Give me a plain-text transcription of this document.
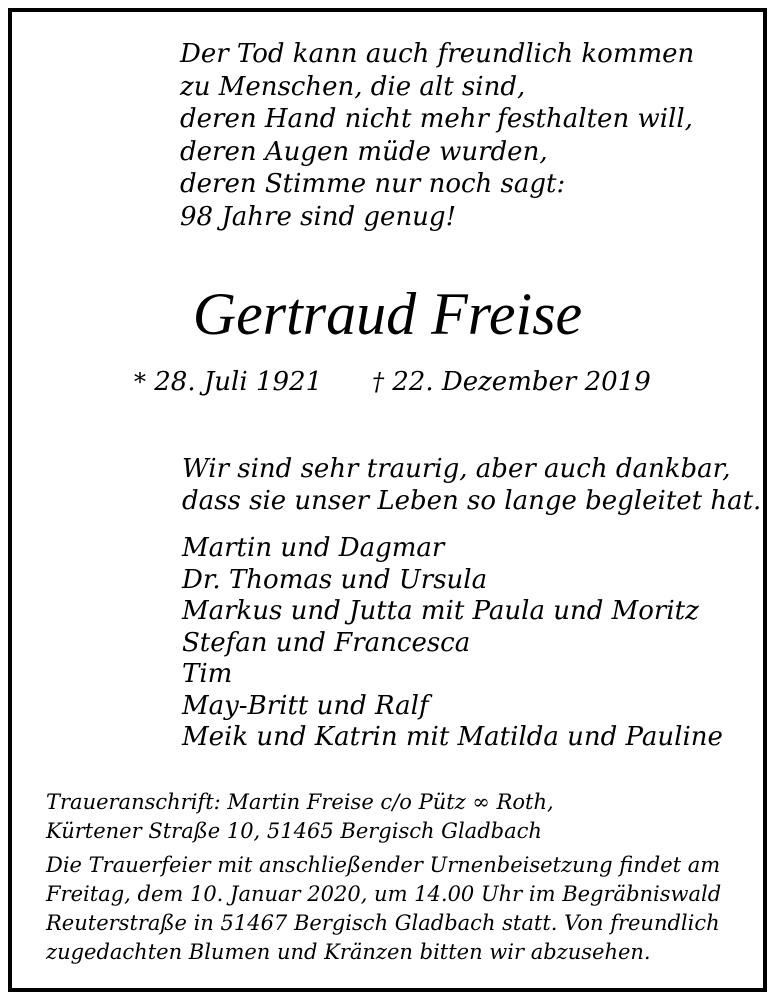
Der Tod kann auch freundlich kommen
zu Menschen, die alt sind,
deren Hand nicht mehr festhalten will,
deren Augen müde wurden,
deren Stimme nur noch sagt:
98 Jahre sind genug!
Gertraud Freise
* 28. Juli 1921 † 22. Dezember 2019
Wir sind sehr traurig, aber auch dankbar,
dass sie unser Leben so lange begleitet hat.
Martin und Dagmar
Dr. Thomas und Ursula
Markus und Jutta mit Paula und Moritz
Stefan und Francesca
Tim
May-Britt und Ralf
Meik und Katrin mit Matilda und Pauline
Traueranschrift: Martin Freise c/o Pütz ∞ Roth,
Kürtener Straße 10, 51465 Bergisch Gladbach
Die Trauerfeier mit anschließender Urnenbeisetzung findet am
Freitag, dem 10. Januar 2020, um 14.00 Uhr im Begräbniswald
Reuterstraße in 51467 Bergisch Gladbach statt. Von freundlich
zugedachten Blumen und Kränzen bitten wir abzusehen.
